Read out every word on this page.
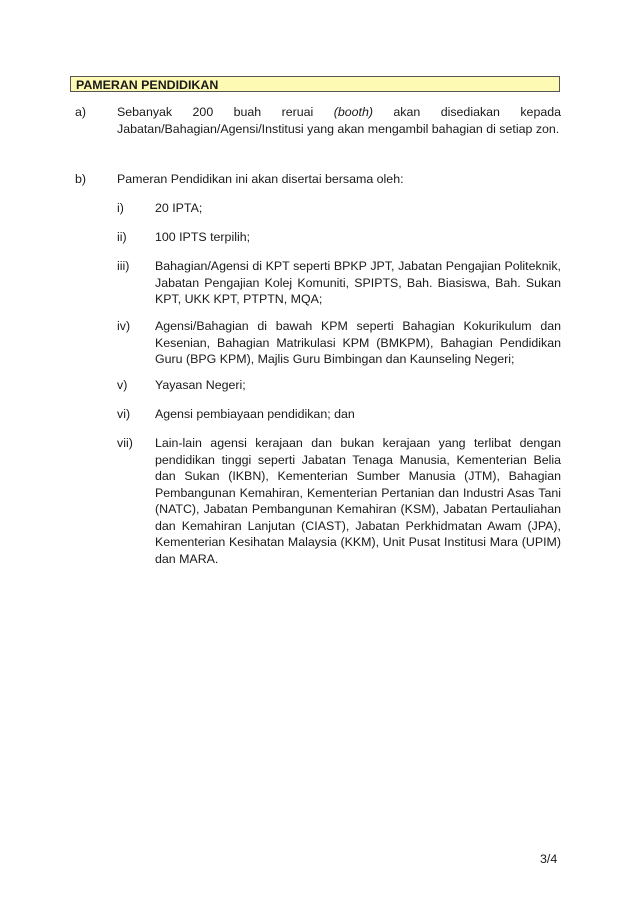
PAMERAN PENDIDIKAN
a) Sebanyak 200 buah reruai (booth) akan disediakan kepada Jabatan/Bahagian/Agensi/Institusi yang akan mengambil bahagian di setiap zon.
b) Pameran Pendidikan ini akan disertai bersama oleh:
i)	20 IPTA;
ii) 100 IPTS terpilih;
iii) Bahagian/Agensi di KPT seperti BPKP JPT, Jabatan Pengajian Politeknik, Jabatan Pengajian Kolej Komuniti, SPIPTS, Bah. Biasiswa, Bah. Sukan KPT, UKK KPT, PTPTN, MQA;
iv) Agensi/Bahagian di bawah KPM seperti Bahagian Kokurikulum dan Kesenian, Bahagian Matrikulasi KPM (BMKPM), Bahagian Pendidikan Guru (BPG KPM), Majlis Guru Bimbingan dan Kaunseling Negeri;
v) Yayasan Negeri;
vi) Agensi pembiayaan pendidikan; dan
vii) Lain-lain agensi kerajaan dan bukan kerajaan yang terlibat dengan pendidikan tinggi seperti Jabatan Tenaga Manusia, Kementerian Belia dan Sukan (IKBN), Kementerian Sumber Manusia (JTM), Bahagian Pembangunan Kemahiran, Kementerian Pertanian dan Industri Asas Tani (NATC), Jabatan Pembangunan Kemahiran (KSM), Jabatan Pertauliahan dan Kemahiran Lanjutan (CIAST), Jabatan Perkhidmatan Awam (JPA), Kementerian Kesihatan Malaysia (KKM), Unit Pusat Institusi Mara (UPIM) dan MARA.
3/4
